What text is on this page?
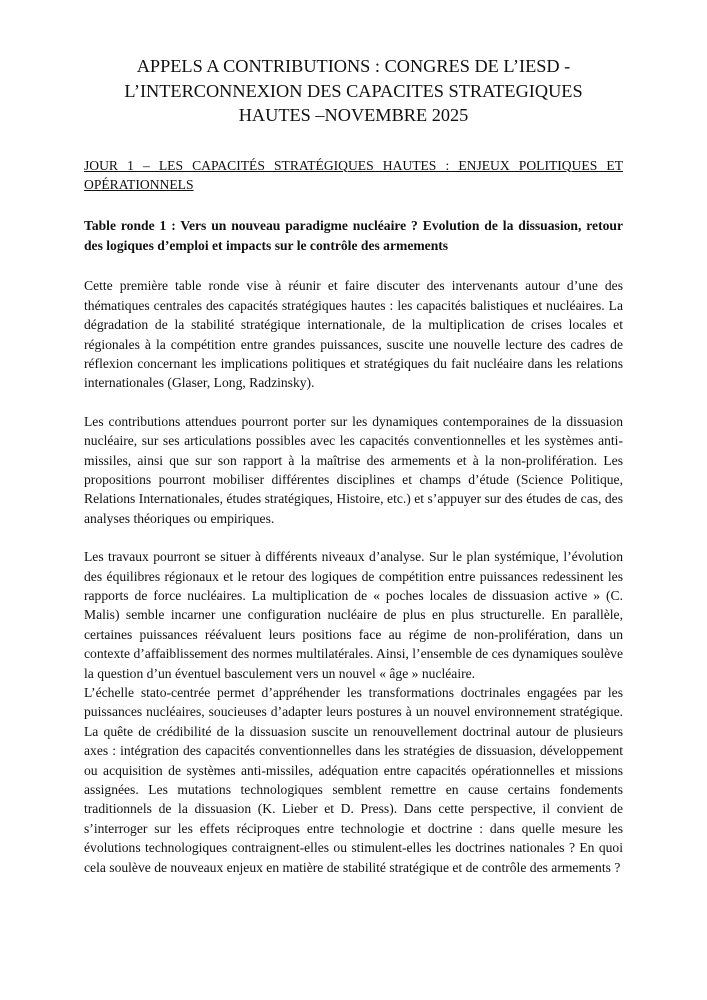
APPELS A CONTRIBUTIONS : CONGRES DE L’IESD -
L’INTERCONNEXION DES CAPACITES STRATEGIQUES
HAUTES –NOVEMBRE 2025

JOUR 1 – LES CAPACITÉS STRATÉGIQUES HAUTES : ENJEUX POLITIQUES ET OPÉRATIONNELS

Table ronde 1 : Vers un nouveau paradigme nucléaire ? Evolution de la dissuasion, retour des logiques d’emploi et impacts sur le contrôle des armements

Cette première table ronde vise à réunir et faire discuter des intervenants autour d’une des thématiques centrales des capacités stratégiques hautes : les capacités balistiques et nucléaires. La dégradation de la stabilité stratégique internationale, de la multiplication de crises locales et régionales à la compétition entre grandes puissances, suscite une nouvelle lecture des cadres de réflexion concernant les implications politiques et stratégiques du fait nucléaire dans les relations internationales (Glaser, Long, Radzinsky).

Les contributions attendues pourront porter sur les dynamiques contemporaines de la dissuasion nucléaire, sur ses articulations possibles avec les capacités conventionnelles et les systèmes anti-missiles, ainsi que sur son rapport à la maîtrise des armements et à la non-prolifération. Les propositions pourront mobiliser différentes disciplines et champs d’étude (Science Politique, Relations Internationales, études stratégiques, Histoire, etc.) et s’appuyer sur des études de cas, des analyses théoriques ou empiriques.

Les travaux pourront se situer à différents niveaux d’analyse. Sur le plan systémique, l’évolution des équilibres régionaux et le retour des logiques de compétition entre puissances redessinent les rapports de force nucléaires. La multiplication de « poches locales de dissuasion active » (C. Malis) semble incarner une configuration nucléaire de plus en plus structurelle. En parallèle, certaines puissances réévaluent leurs positions face au régime de non-prolifération, dans un contexte d’affaiblissement des normes multilatérales. Ainsi, l’ensemble de ces dynamiques soulève la question d’un éventuel basculement vers un nouvel « âge » nucléaire.

L’échelle stato-centrée permet d’appréhender les transformations doctrinales engagées par les puissances nucléaires, soucieuses d’adapter leurs postures à un nouvel environnement stratégique. La quête de crédibilité de la dissuasion suscite un renouvellement doctrinal autour de plusieurs axes : intégration des capacités conventionnelles dans les stratégies de dissuasion, développement ou acquisition de systèmes anti-missiles, adéquation entre capacités opérationnelles et missions assignées. Les mutations technologiques semblent remettre en cause certains fondements traditionnels de la dissuasion (K. Lieber et D. Press). Dans cette perspective, il convient de s’interroger sur les effets réciproques entre technologie et doctrine : dans quelle mesure les évolutions technologiques contraignent-elles ou stimulent-elles les doctrines nationales ? En quoi cela soulève de nouveaux enjeux en matière de stabilité stratégique et de contrôle des armements ?
